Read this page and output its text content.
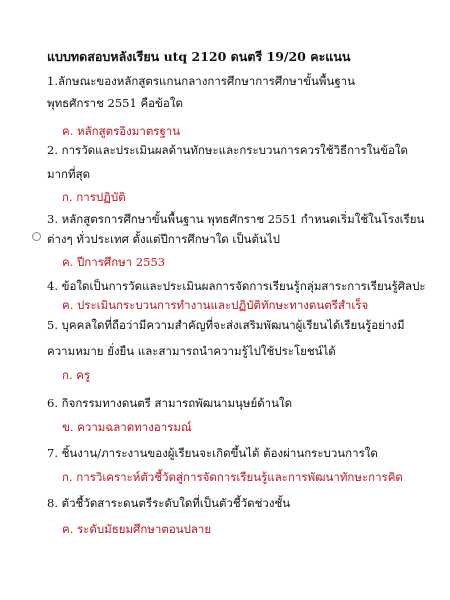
แบบทดสอบหลังเรียน utq 2120 ดนตรี 19/20 คะแนน
1.ลักษณะของหลักสูตรแกนกลางการศึกษาการศึกษาขั้นพื้นฐาน
พุทธศักราช 2551 คือข้อใด
ค. หลักสูตรอิงมาตรฐาน
2. การวัดและประเมินผลด้านทักษะและกระบวนการควรใช้วิธีการในข้อใด
มากที่สุด
ก. การปฏิบัติ
3. หลักสูตรการศึกษาขั้นพื้นฐาน พุทธศักราช 2551 กำหนดเริ่มใช้ในโรงเรียน
ต่างๆ ทั่วประเทศ ตั้งแต่ปีการศึกษาใด เป็นต้นไป
ค. ปีการศึกษา 2553
4. ข้อใดเป็นการวัดและประเมินผลการจัดการเรียนรู้กลุ่มสาระการเรียนรู้ศิลปะ
ค. ประเมินกระบวนการทำงานและปฏิบัติทักษะทางดนตรีสำเร็จ
5. บุคคลใดที่ถือว่ามีความสำคัญที่จะส่งเสริมพัฒนาผู้เรียนได้เรียนรู้อย่างมี
ความหมาย ยั่งยืน และสามารถนำความรู้ไปใช้ประโยชน์ได้
ก. ครู
6. กิจกรรมทางดนตรี สามารถพัฒนามนุษย์ด้านใด
ข. ความฉลาดทางอารมณ์
7. ชิ้นงาน/ภาระงานของผู้เรียนจะเกิดขึ้นได้ ต้องผ่านกระบวนการใด
ก. การวิเคราะห์ตัวชี้วัดสู่การจัดการเรียนรู้และการพัฒนาทักษะการคิด
8. ตัวชี้วัดสาระดนตรีระดับใดที่เป็นตัวชี้วัดช่วงชั้น
ค. ระดับมัธยมศึกษาตอนปลาย
